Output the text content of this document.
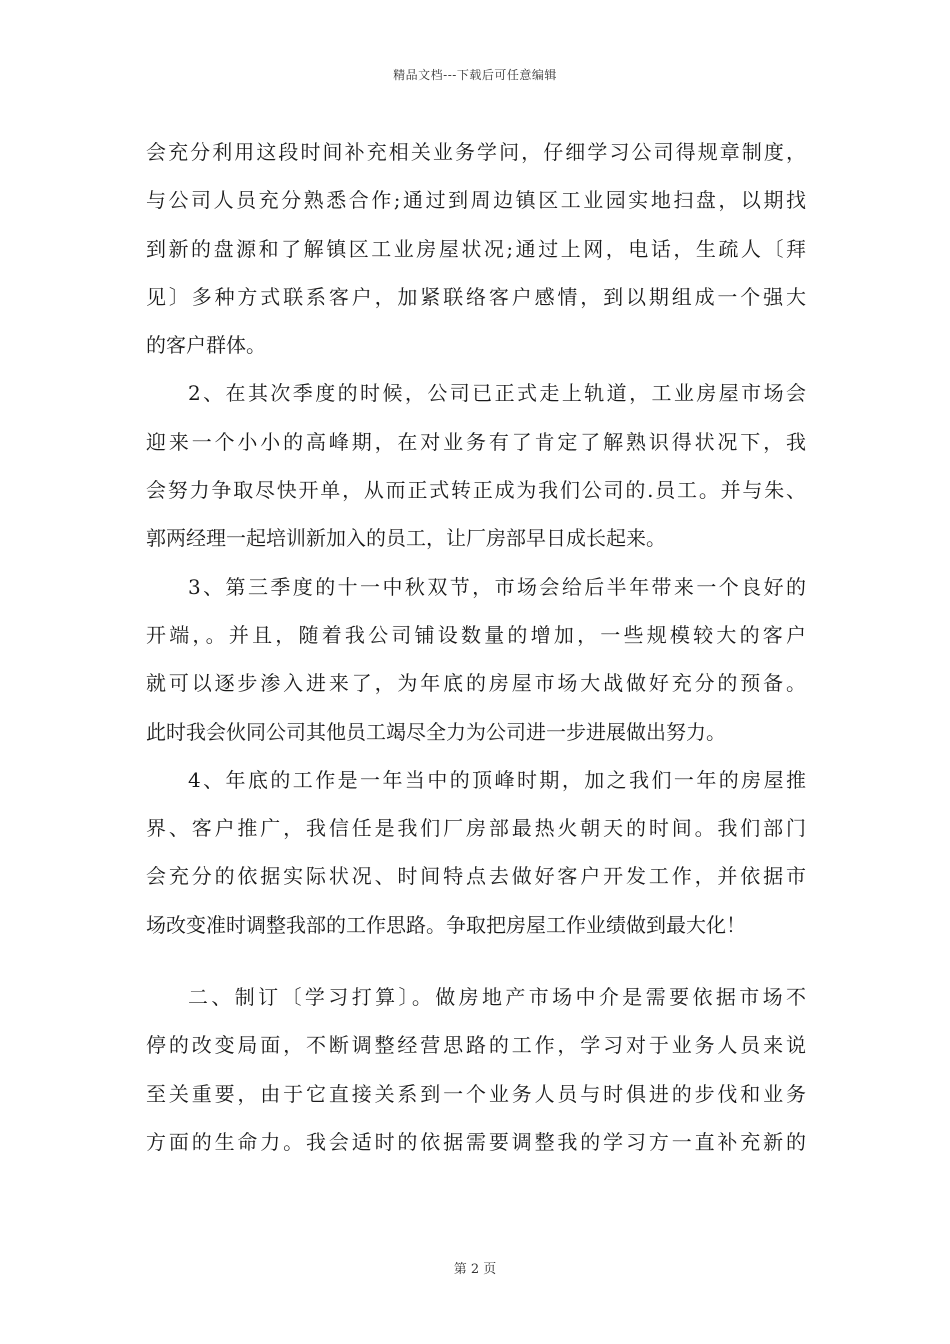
精品文档---下载后可任意编辑
会充分利用这段时间补充相关业务学问，仔细学习公司得规章制度，
与公司人员充分熟悉合作;通过到周边镇区工业园实地扫盘，以期找
到新的盘源和了解镇区工业房屋状况;通过上网，电话，生疏人〔拜
见〕多种方式联系客户，加紧联络客户感情，到以期组成一个强大
的客户群体。
2、在其次季度的时候，公司已正式走上轨道，工业房屋市场会
迎来一个小小的高峰期，在对业务有了肯定了解熟识得状况下，我
会努力争取尽快开单，从而正式转正成为我们公司的.员工。并与朱、
郭两经理一起培训新加入的员工，让厂房部早日成长起来。
3、第三季度的十一中秋双节，市场会给后半年带来一个良好的
开端，。并且，随着我公司铺设数量的增加，一些规模较大的客户
就可以逐步渗入进来了，为年底的房屋市场大战做好充分的预备。
此时我会伙同公司其他员工竭尽全力为公司进一步进展做出努力。
4、年底的工作是一年当中的顶峰时期，加之我们一年的房屋推
界、客户推广，我信任是我们厂房部最热火朝天的时间。我们部门
会充分的依据实际状况、时间特点去做好客户开发工作，并依据市
场改变准时调整我部的工作思路。争取把房屋工作业绩做到最大化！
二、制订〔学习打算〕。做房地产市场中介是需要依据市场不
停的改变局面，不断调整经营思路的工作，学习对于业务人员来说
至关重要，由于它直接关系到一个业务人员与时俱进的步伐和业务
方面的生命力。我会适时的依据需要调整我的学习方一直补充新的
第 2 页
